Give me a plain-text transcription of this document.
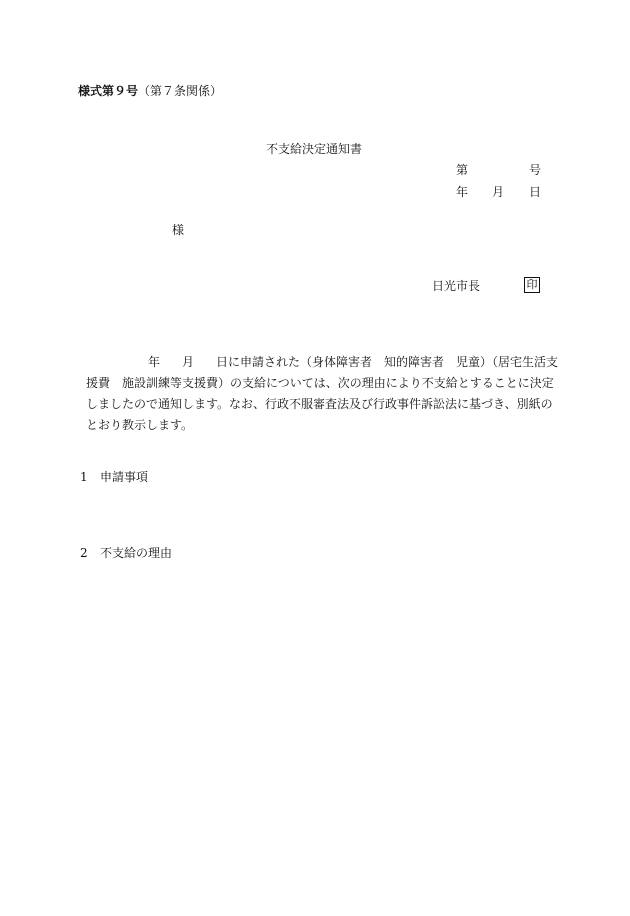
様式第９号（第７条関係）
不支給決定通知書
第	号
年 月 日
様
日光市長	印
年 月 日に申請された（身体障害者　知的障害者　児童）（居宅生活支
援費　施設訓練等支援費）の支給については、次の理由により不支給とすることに決定
しましたので通知します。なお、行政不服審査法及び行政事件訴訟法に基づき、別紙の
とおり教示します。
1 申請事項
2 不支給の理由
